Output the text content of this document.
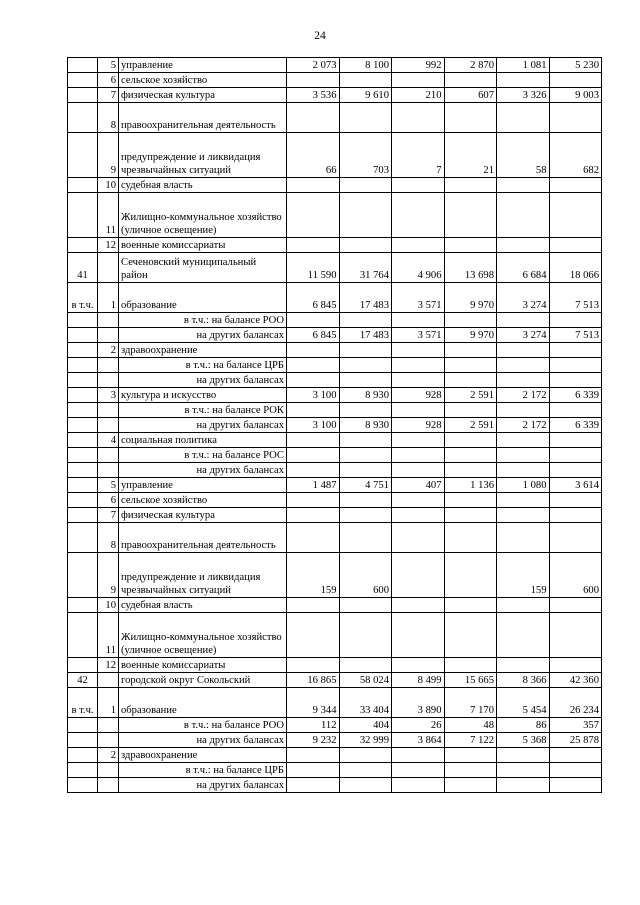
24
	5	управление	2 073	8 100	992	2 870	1 081	5 230
	6	сельское хозяйство						
	7	физическая культура	3 536	9 610	210	607	3 326	9 003
	8	правоохранительная деятельность						
	9	предупреждение и ликвидация чрезвычайных ситуаций	66	703	7	21	58	682
	10	судебная власть						
	11	Жилищно-коммунальное хозяйство (уличное освещение)						
	12	военные комиссариаты						
41		Сеченовский муниципальный район	11 590	31 764	4 906	13 698	6 684	18 066
в т.ч.	1	образование	6 845	17 483	3 571	9 970	3 274	7 513
		в т.ч.: на балансе РОО						
		на других балансах	6 845	17 483	3 571	9 970	3 274	7 513
	2	здравоохранение						
		в т.ч.: на балансе ЦРБ						
		на других балансах						
	3	культура и искусство	3 100	8 930	928	2 591	2 172	6 339
		в т.ч.: на балансе РОК						
		на других балансах	3 100	8 930	928	2 591	2 172	6 339
	4	социальная политика						
		в т.ч.: на балансе РОС						
		на других балансах						
	5	управление	1 487	4 751	407	1 136	1 080	3 614
	6	сельское хозяйство						
	7	физическая культура						
	8	правоохранительная деятельность						
	9	предупреждение и ликвидация чрезвычайных ситуаций	159	600			159	600
	10	судебная власть						
	11	Жилищно-коммунальное хозяйство (уличное освещение)						
	12	военные комиссариаты						
42		городской округ Сокольский	16 865	58 024	8 499	15 665	8 366	42 360
в т.ч.	1	образование	9 344	33 404	3 890	7 170	5 454	26 234
		в т.ч.: на балансе РОО	112	404	26	48	86	357
		на других балансах	9 232	32 999	3 864	7 122	5 368	25 878
	2	здравоохранение						
		в т.ч.: на балансе ЦРБ						
		на других балансах						
